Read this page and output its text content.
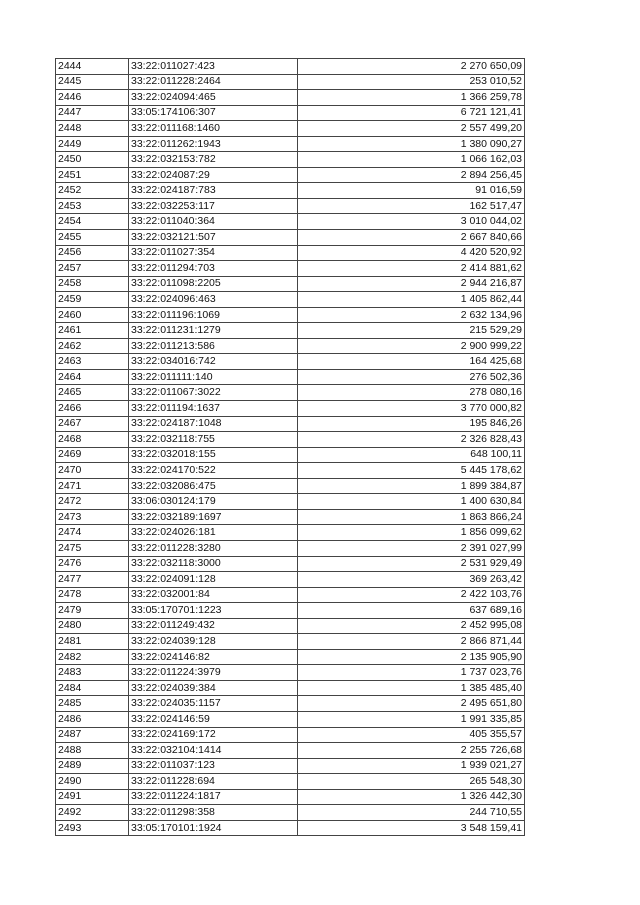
2444	33:22:011027:423	2 270 650,09
2445	33:22:011228:2464	253 010,52
2446	33:22:024094:465	1 366 259,78
2447	33:05:174106:307	6 721 121,41
2448	33:22:011168:1460	2 557 499,20
2449	33:22:011262:1943	1 380 090,27
2450	33:22:032153:782	1 066 162,03
2451	33:22:024087:29	2 894 256,45
2452	33:22:024187:783	91 016,59
2453	33:22:032253:117	162 517,47
2454	33:22:011040:364	3 010 044,02
2455	33:22:032121:507	2 667 840,66
2456	33:22:011027:354	4 420 520,92
2457	33:22:011294:703	2 414 881,62
2458	33:22:011098:2205	2 944 216,87
2459	33:22:024096:463	1 405 862,44
2460	33:22:011196:1069	2 632 134,96
2461	33:22:011231:1279	215 529,29
2462	33:22:011213:586	2 900 999,22
2463	33:22:034016:742	164 425,68
2464	33:22:011111:140	276 502,36
2465	33:22:011067:3022	278 080,16
2466	33:22:011194:1637	3 770 000,82
2467	33:22:024187:1048	195 846,26
2468	33:22:032118:755	2 326 828,43
2469	33:22:032018:155	648 100,11
2470	33:22:024170:522	5 445 178,62
2471	33:22:032086:475	1 899 384,87
2472	33:06:030124:179	1 400 630,84
2473	33:22:032189:1697	1 863 866,24
2474	33:22:024026:181	1 856 099,62
2475	33:22:011228:3280	2 391 027,99
2476	33:22:032118:3000	2 531 929,49
2477	33:22:024091:128	369 263,42
2478	33:22:032001:84	2 422 103,76
2479	33:05:170701:1223	637 689,16
2480	33:22:011249:432	2 452 995,08
2481	33:22:024039:128	2 866 871,44
2482	33:22:024146:82	2 135 905,90
2483	33:22:011224:3979	1 737 023,76
2484	33:22:024039:384	1 385 485,40
2485	33:22:024035:1157	2 495 651,80
2486	33:22:024146:59	1 991 335,85
2487	33:22:024169:172	405 355,57
2488	33:22:032104:1414	2 255 726,68
2489	33:22:011037:123	1 939 021,27
2490	33:22:011228:694	265 548,30
2491	33:22:011224:1817	1 326 442,30
2492	33:22:011298:358	244 710,55
2493	33:05:170101:1924	3 548 159,41
